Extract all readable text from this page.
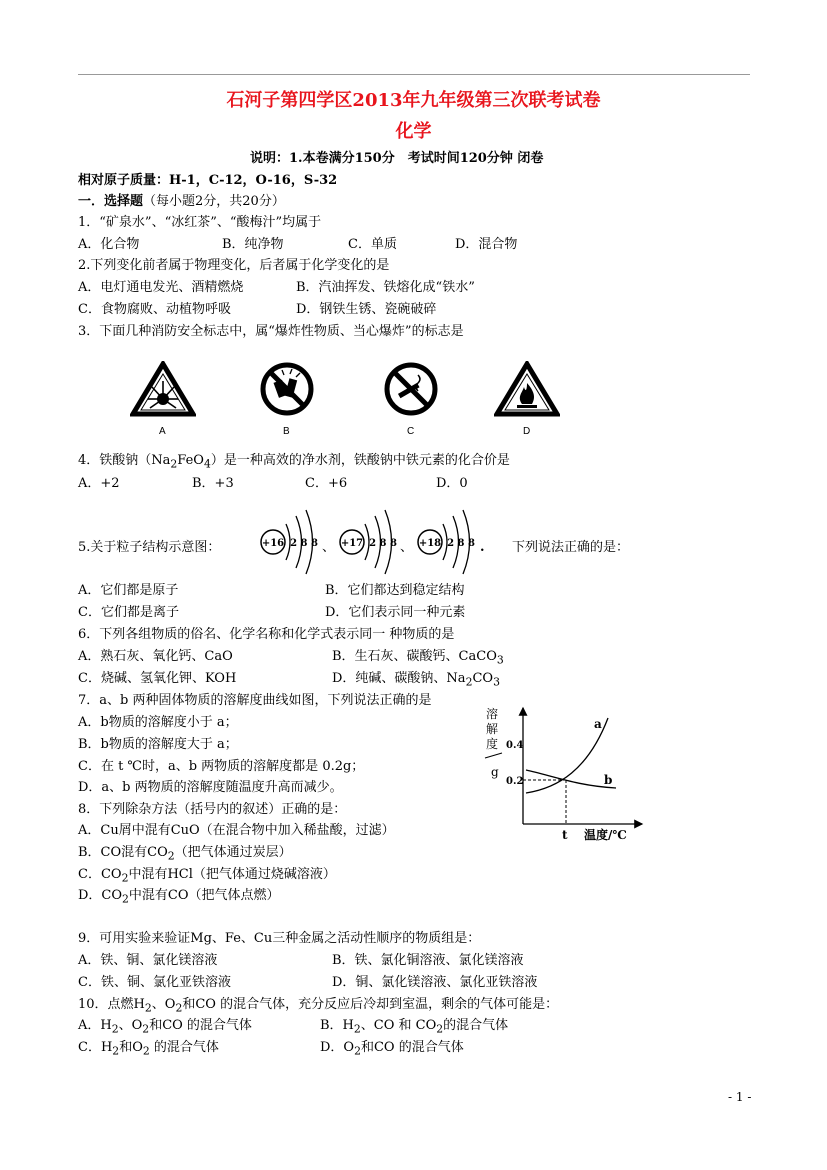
石河子第四学区2013年九年级第三次联考试卷
化学
说明：1.本卷满分150分　考试时间120分钟 闭卷
相对原子质量：H-1，C-12，O-16，S-32
一．选择题（每小题2分，共20分）
1．“矿泉水”、“冰红茶”、“酸梅汁”均属于
A．化合物	B．纯净物	C．单质	D．混合物
2.下列变化前者属于物理变化，后者属于化学变化的是
A．电灯通电发光、酒精燃烧	B．汽油挥发、铁熔化成“铁水”
C．食物腐败、动植物呼吸	D．钢铁生锈、瓷碗破碎
3．下面几种消防安全标志中，属“爆炸性物质、当心爆炸”的标志是
A	B	C	D
4．铁酸钠$(Na_2FeO_4)$是一种高效的净水剂，铁酸钠中铁元素的化合价是
A．+2	B．+3	C．+6	D．0
5.关于粒子结构示意图：	+16 2 8 8 、 +17 2 8 8 、 +18 2 8 8 . 下列说法正确的是：
A．它们都是原子	B．它们都达到稳定结构
C．它们都是离子	D．它们表示同一种元素
6．下列各组物质的俗名、化学名称和化学式表示同一 种物质的是
A．熟石灰、氧化钙、CaO	B．生石灰、碳酸钙、CaCO$_3$
C．烧碱、氢氧化钾、KOH	D．纯碱、碳酸钠、$Na_2CO_3$
7．a、b 两种固体物质的溶解度曲线如图，下列说法正确的是
A．b物质的溶解度小于 a；
B．b物质的溶解度大于 a；
C．在 t ℃时，a、b 两物质的溶解度都是 0.2g；
D．a、b 两物质的溶解度随温度升高而减少。
溶
解
度
g
0.4
0.2
a
b
t 温度/℃
8．下列除杂方法（括号内的叙述）正确的是：
A．Cu屑中混有CuO（在混合物中加入稀盐酸，过滤）
B．CO混有$CO_2$（把气体通过炭层）
C．$CO_2$中混有HCl（把气体通过烧碱溶液）
D．$CO_2$中混有CO（把气体点燃）
9．可用实验来验证Mg、Fe、Cu三种金属之活动性顺序的物质组是：
A．铁、铜、氯化镁溶液	B．铁、氯化铜溶液、氯化镁溶液
C．铁、铜、氯化亚铁溶液	D．铜、氯化镁溶液、氯化亚铁溶液
10．点燃$H_2$、$O_2$和CO 的混合气体，充分反应后冷却到室温，剩余的气体可能是：
A．$H_2$、$O_2$和CO 的混合气体	B．$H_2$、CO 和 $CO_2$的混合气体
C．$H_2$和$O_2$ 的混合气体	D．$O_2$和CO 的混合气体
- 1 -
